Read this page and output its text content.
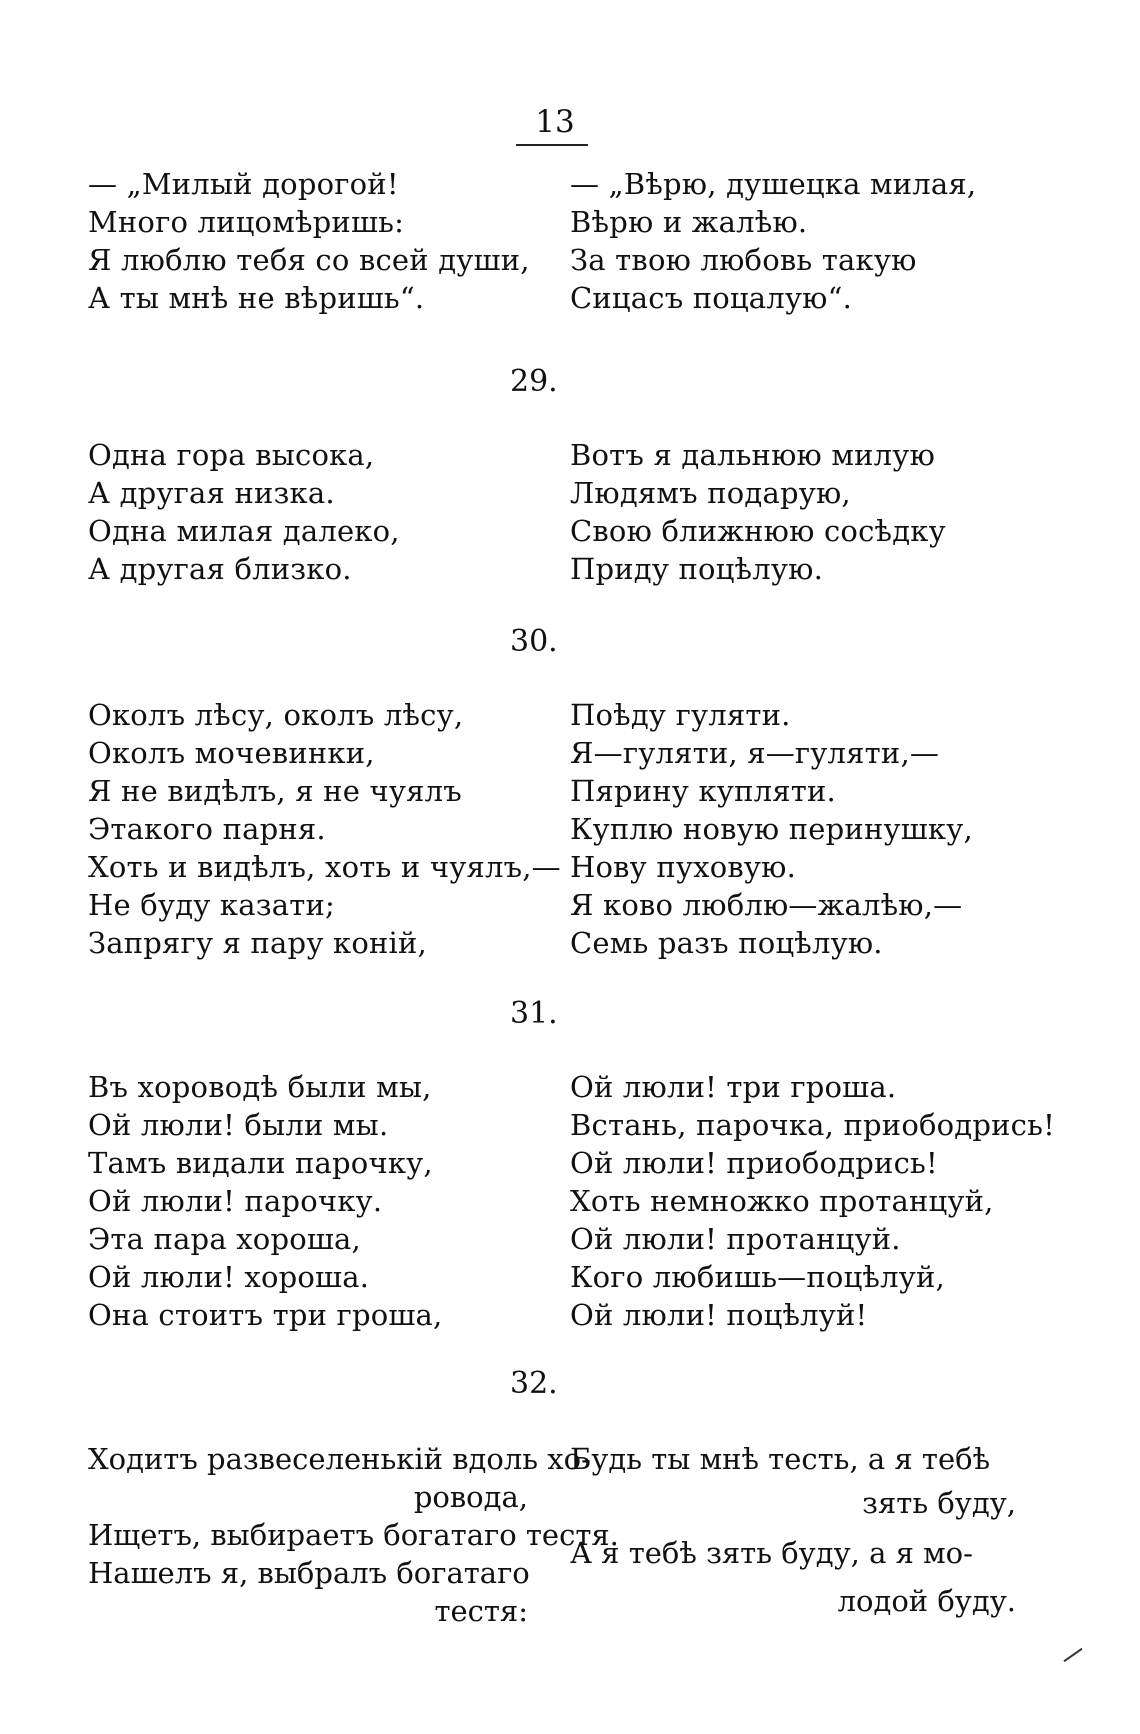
13
— „Милый дорогой!
Много лицомѣришь:
Я люблю тебя со всей души,
А ты мнѣ не вѣришь“.
— „Вѣрю, душецка милая,
Вѣрю и жалѣю.
За твою любовь такую
Сицасъ поцалую“.
29.
Одна гора высока,
А другая низка.
Одна милая далеко,
А другая близко.
Вотъ я дальнюю милую
Людямъ подарую,
Свою ближнюю сосѣдку
Приду поцѣлую.
30.
Околъ лѣсу, околъ лѣсу,
Околъ мочевинки,
Я не видѣлъ, я не чуялъ
Этакого парня.
Хоть и видѣлъ, хоть и чуялъ,—
Не буду казати;
Запрягу я пару коній,
Поѣду гуляти.
Я—гуляти, я—гуляти,—
Пярину купляти.
Куплю новую перинушку,
Нову пуховую.
Я ково люблю—жалѣю,—
Семь разъ поцѣлую.
31.
Въ хороводѣ были мы,
Ой люли! были мы.
Тамъ видали парочку,
Ой люли! парочку.
Эта пара хороша,
Ой люли! хороша.
Она стоитъ три гроша,
Ой люли! три гроша.
Встань, парочка, приободрись!
Ой люли! приободрись!
Хоть немножко протанцуй,
Ой люли! протанцуй.
Кого любишь—поцѣлуй,
Ой люли! поцѣлуй!
32.
Ходитъ развеселенькій вдоль хо-
ровода,
Ищетъ, выбираетъ богатаго тестя.
Нашелъ я, выбралъ богатаго
тестя:
Будь ты мнѣ тесть, а я тебѣ
зять буду,
А я тебѣ зять буду, а я мо-
лодой буду.
